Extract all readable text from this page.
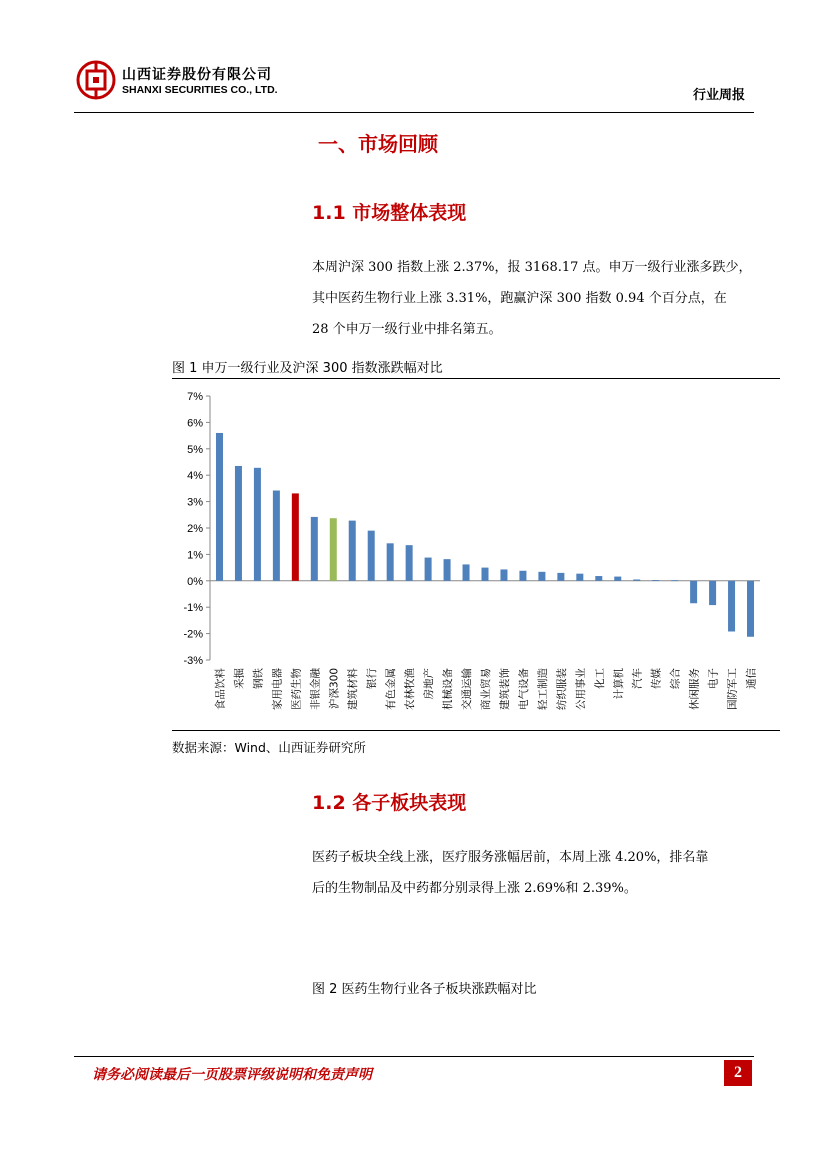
山西证券股份有限公司
SHANXI SECURITIES CO., LTD.	行业周报
一、市场回顾
1.1 市场整体表现
本周沪深 300 指数上涨 2.37%，报 3168.17 点。申万一级行业涨多跌少，
其中医药生物行业上涨 3.31%，跑赢沪深 300 指数 0.94 个百分点，在
28 个申万一级行业中排名第五。
图 1 申万一级行业及沪深 300 指数涨跌幅对比
-3%
-2%
-1%
0%
1%
2%
3%
4%
5%
6%
7%
食品饮料 采掘 钢铁 家用电器 医药生物 非银金融 沪深300 建筑材料 银行 有色金属 农林牧渔 房地产 机械设备 交通运输 商业贸易 建筑装饰 电气设备 轻工制造 纺织服装 公用事业 化工 计算机 汽车 传媒 综合 休闲服务 电子 国防军工 通信
数据来源：Wind、山西证券研究所
1.2 各子板块表现
医药子板块全线上涨，医疗服务涨幅居前，本周上涨 4.20%，排名靠
后的生物制品及中药都分别录得上涨 2.69%和 2.39%。
图 2 医药生物行业各子板块涨跌幅对比
请务必阅读最后一页股票评级说明和免责声明	2
